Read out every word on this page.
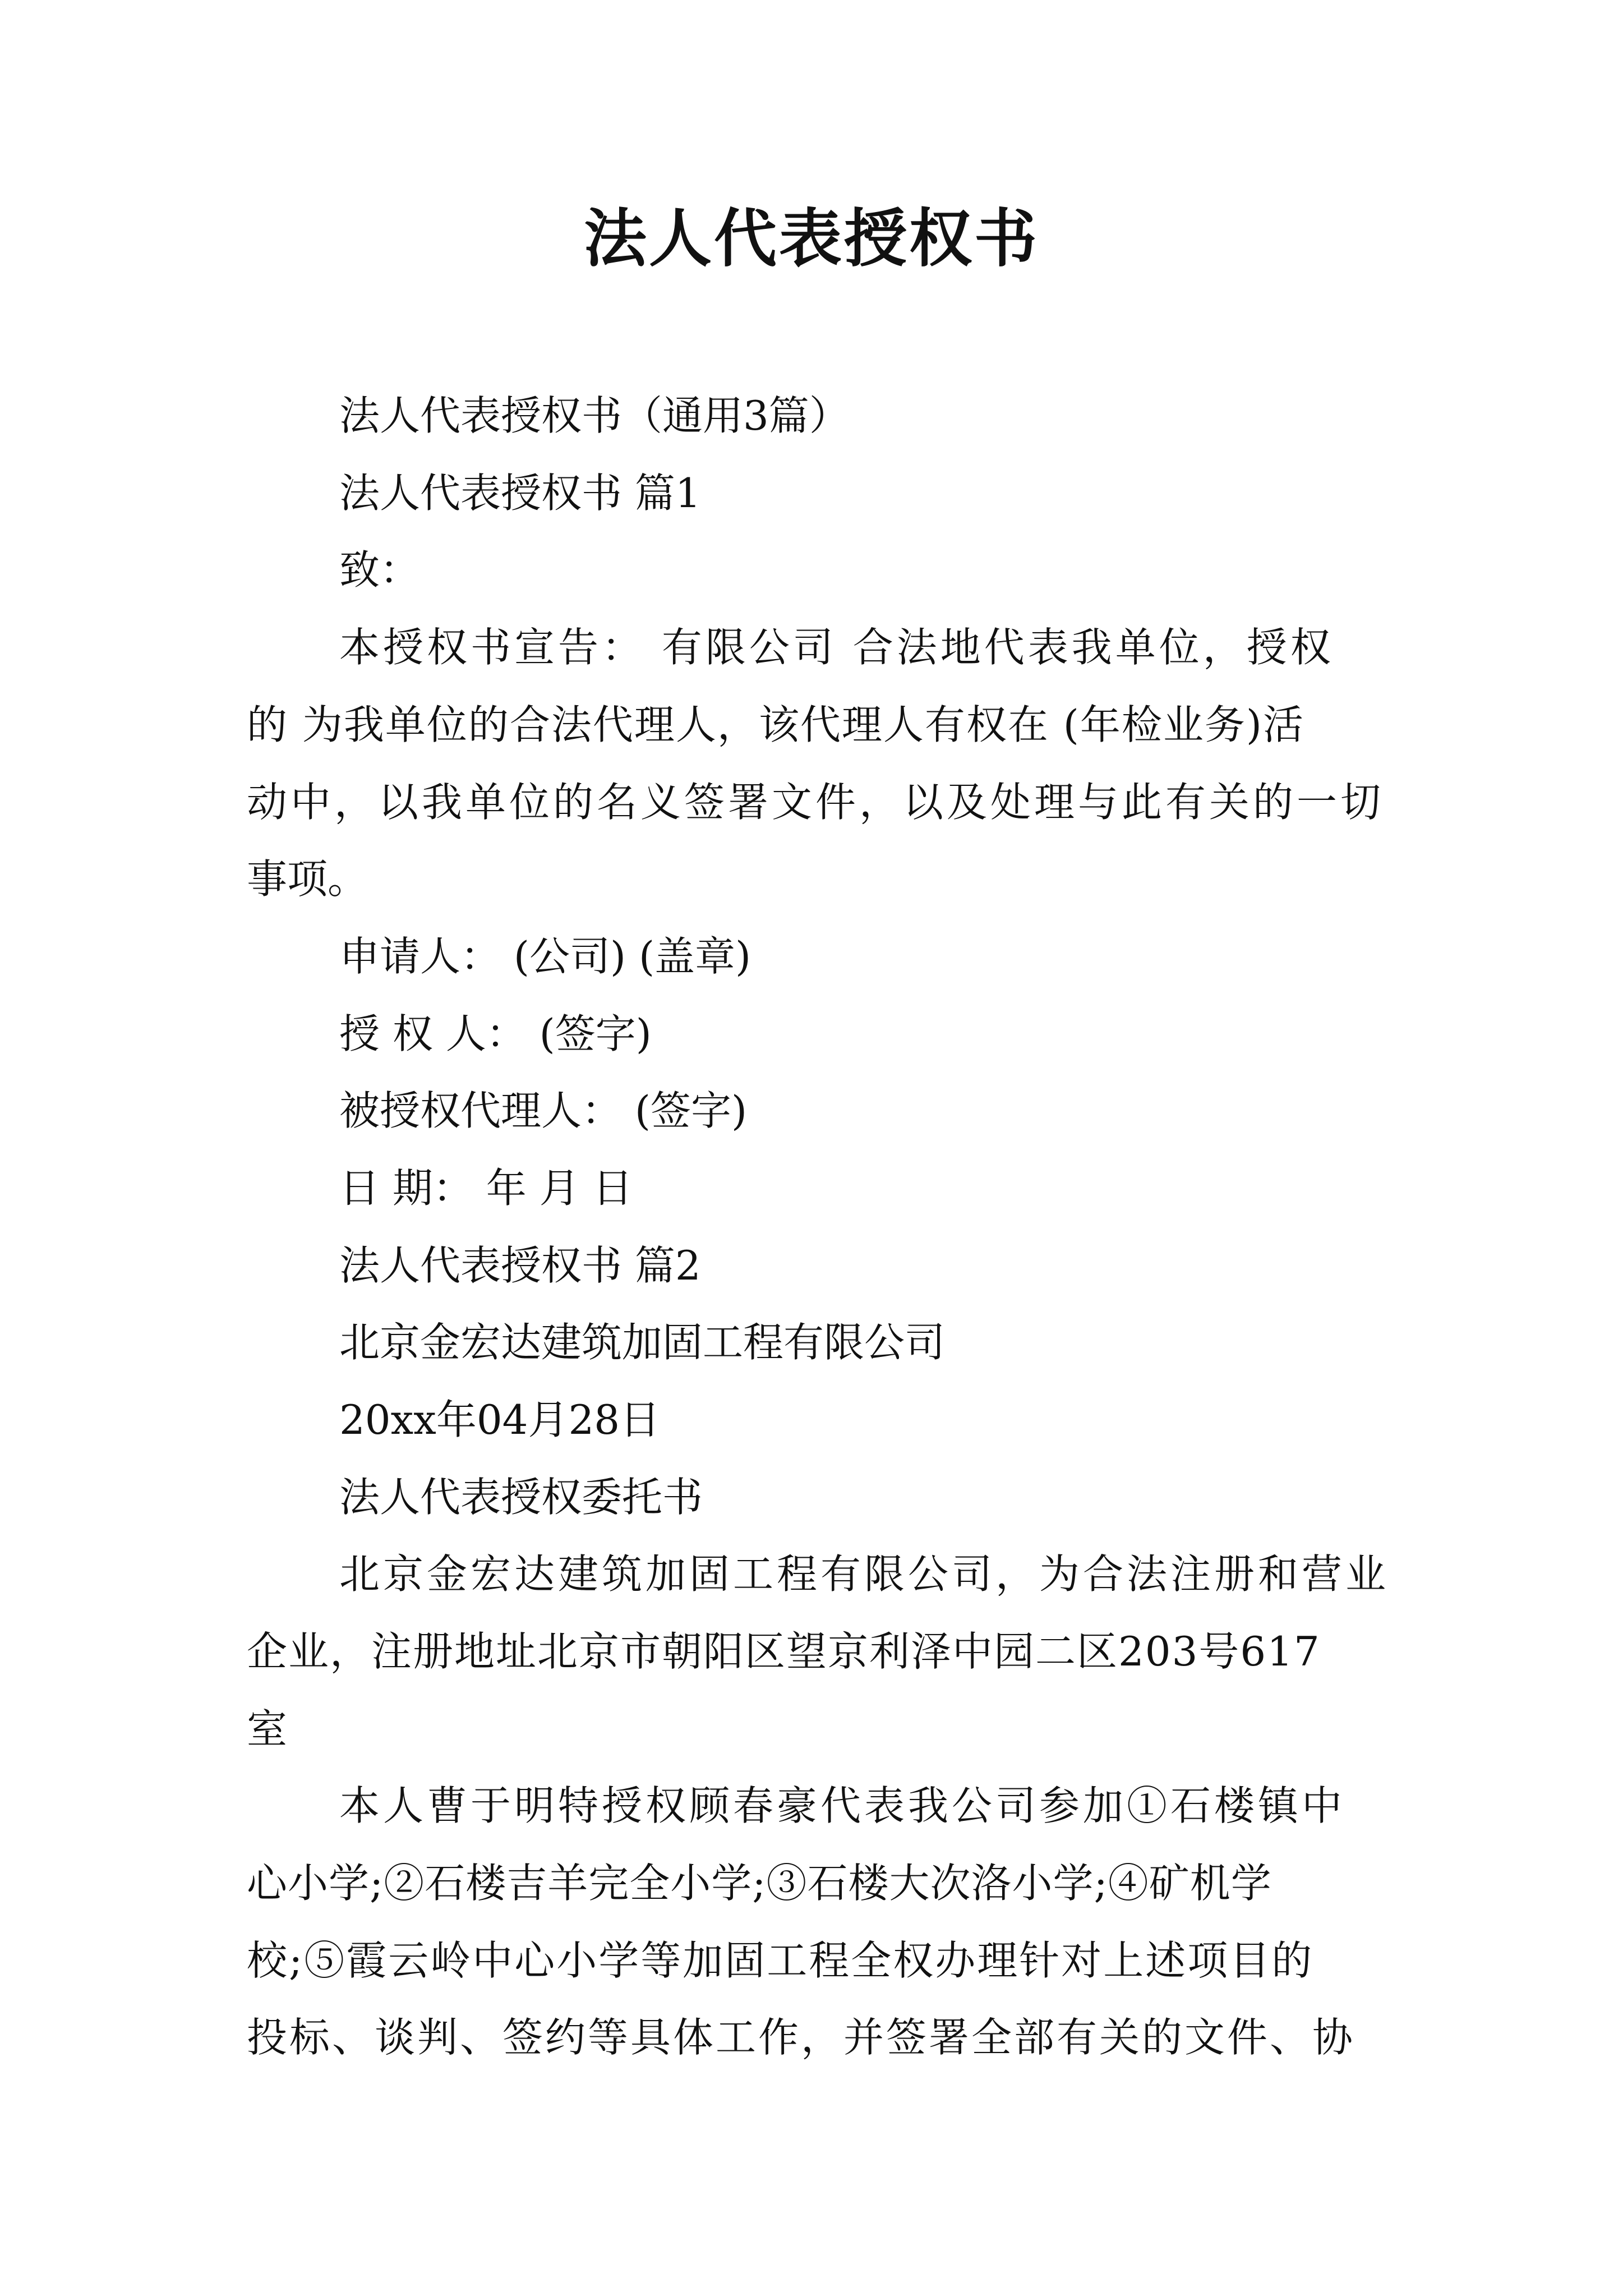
法人代表授权书
法人代表授权书（通用3篇）
法人代表授权书 篇1
致：
本授权书宣告： 有限公司 合法地代表我单位，授权
的 为我单位的合法代理人，该代理人有权在 (年检业务)活
动中，以我单位的名义签署文件，以及处理与此有关的一切
事项。
申请人： (公司) (盖章)
授 权 人： (签字)
被授权代理人： (签字)
日 期： 年 月 日
法人代表授权书 篇2
北京金宏达建筑加固工程有限公司
20xx年04月28日
法人代表授权委托书
北京金宏达建筑加固工程有限公司，为合法注册和营业
企业，注册地址北京市朝阳区望京利泽中园二区203号617
室
本人曹于明特授权顾春豪代表我公司参加①石楼镇中
心小学;②石楼吉羊完全小学;③石楼大次洛小学;④矿机学
校;⑤霞云岭中心小学等加固工程全权办理针对上述项目的
投标、谈判、签约等具体工作，并签署全部有关的文件、协
